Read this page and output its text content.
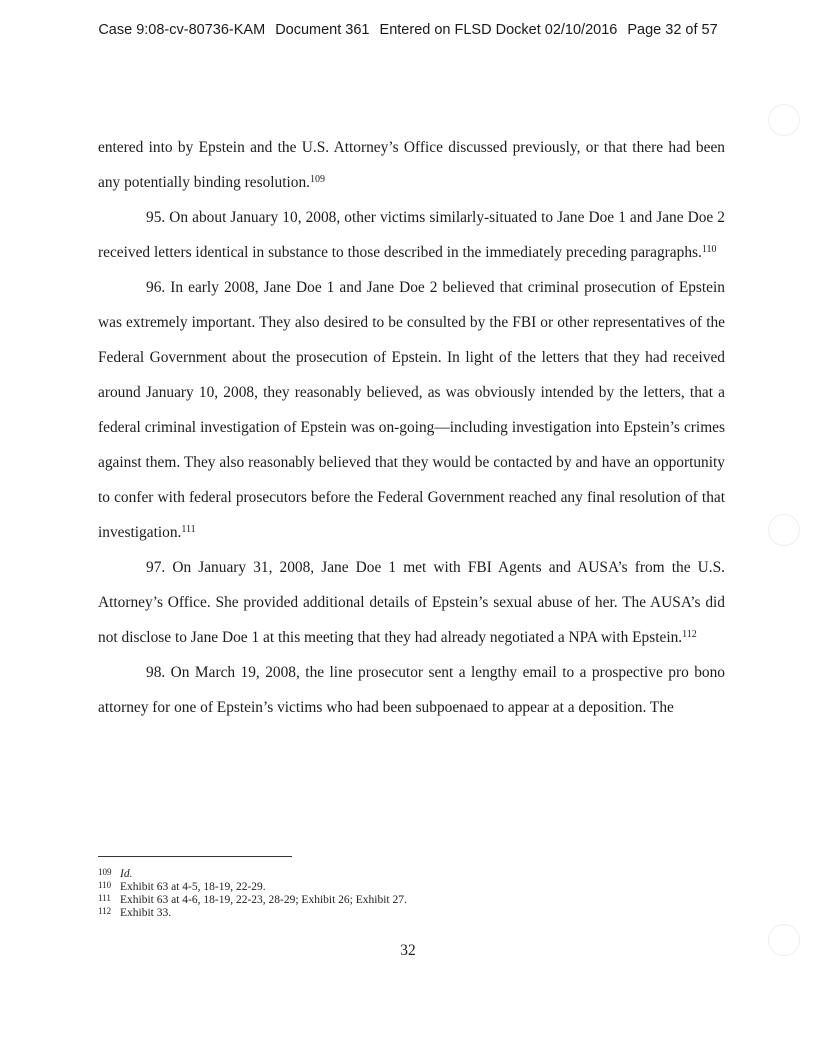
Case 9:08-cv-80736-KAM Document 361 Entered on FLSD Docket 02/10/2016 Page 32 of 57

entered into by Epstein and the U.S. Attorney’s Office discussed previously, or that there had been any potentially binding resolution.$^{109}$

95. On about January 10, 2008, other victims similarly-situated to Jane Doe 1 and Jane Doe 2 received letters identical in substance to those described in the immediately preceding paragraphs.$^{110}$

96. In early 2008, Jane Doe 1 and Jane Doe 2 believed that criminal prosecution of Epstein was extremely important. They also desired to be consulted by the FBI or other representatives of the Federal Government about the prosecution of Epstein. In light of the letters that they had received around January 10, 2008, they reasonably believed, as was obviously intended by the letters, that a federal criminal investigation of Epstein was on-going—including investigation into Epstein’s crimes against them. They also reasonably believed that they would be contacted by and have an opportunity to confer with federal prosecutors before the Federal Government reached any final resolution of that investigation.$^{111}$

97. On January 31, 2008, Jane Doe 1 met with FBI Agents and AUSA’s from the U.S. Attorney’s Office. She provided additional details of Epstein’s sexual abuse of her. The AUSA’s did not disclose to Jane Doe 1 at this meeting that they had already negotiated a NPA with Epstein.$^{112}$

98. On March 19, 2008, the line prosecutor sent a lengthy email to a prospective pro bono attorney for one of Epstein’s victims who had been subpoenaed to appear at a deposition. The

109 Id.
110 Exhibit 63 at 4-5, 18-19, 22-29.
111 Exhibit 63 at 4-6, 18-19, 22-23, 28-29; Exhibit 26; Exhibit 27.
112 Exhibit 33.
32
